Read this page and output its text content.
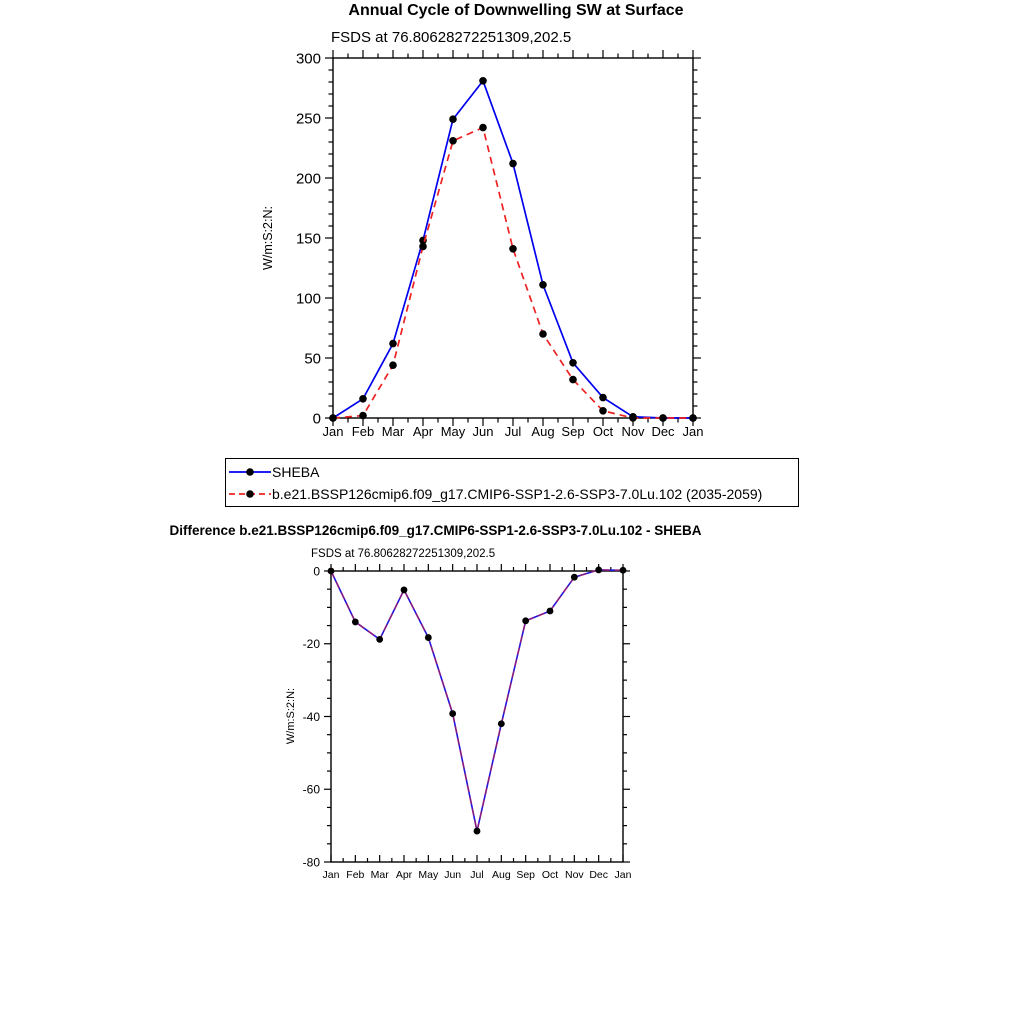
0
50
100
150
200
250
300
Jan Feb Mar Apr May Jun Jul Aug Sep Oct Nov Dec Jan
0
-20
-40
-60
-80
Jan Feb Mar Apr May Jun Jul Aug Sep Oct Nov Dec Jan
Annual Cycle of Downwelling SW at Surface
FSDS at 76.80628272251309,202.5
W/m:S:2:N:
SHEBA
b.e21.BSSP126cmip6.f09_g17.CMIP6-SSP1-2.6-SSP3-7.0Lu.102 (2035-2059)
Difference b.e21.BSSP126cmip6.f09_g17.CMIP6-SSP1-2.6-SSP3-7.0Lu.102 - SHEBA
FSDS at 76.80628272251309,202.5
W/m:S:2:N:
